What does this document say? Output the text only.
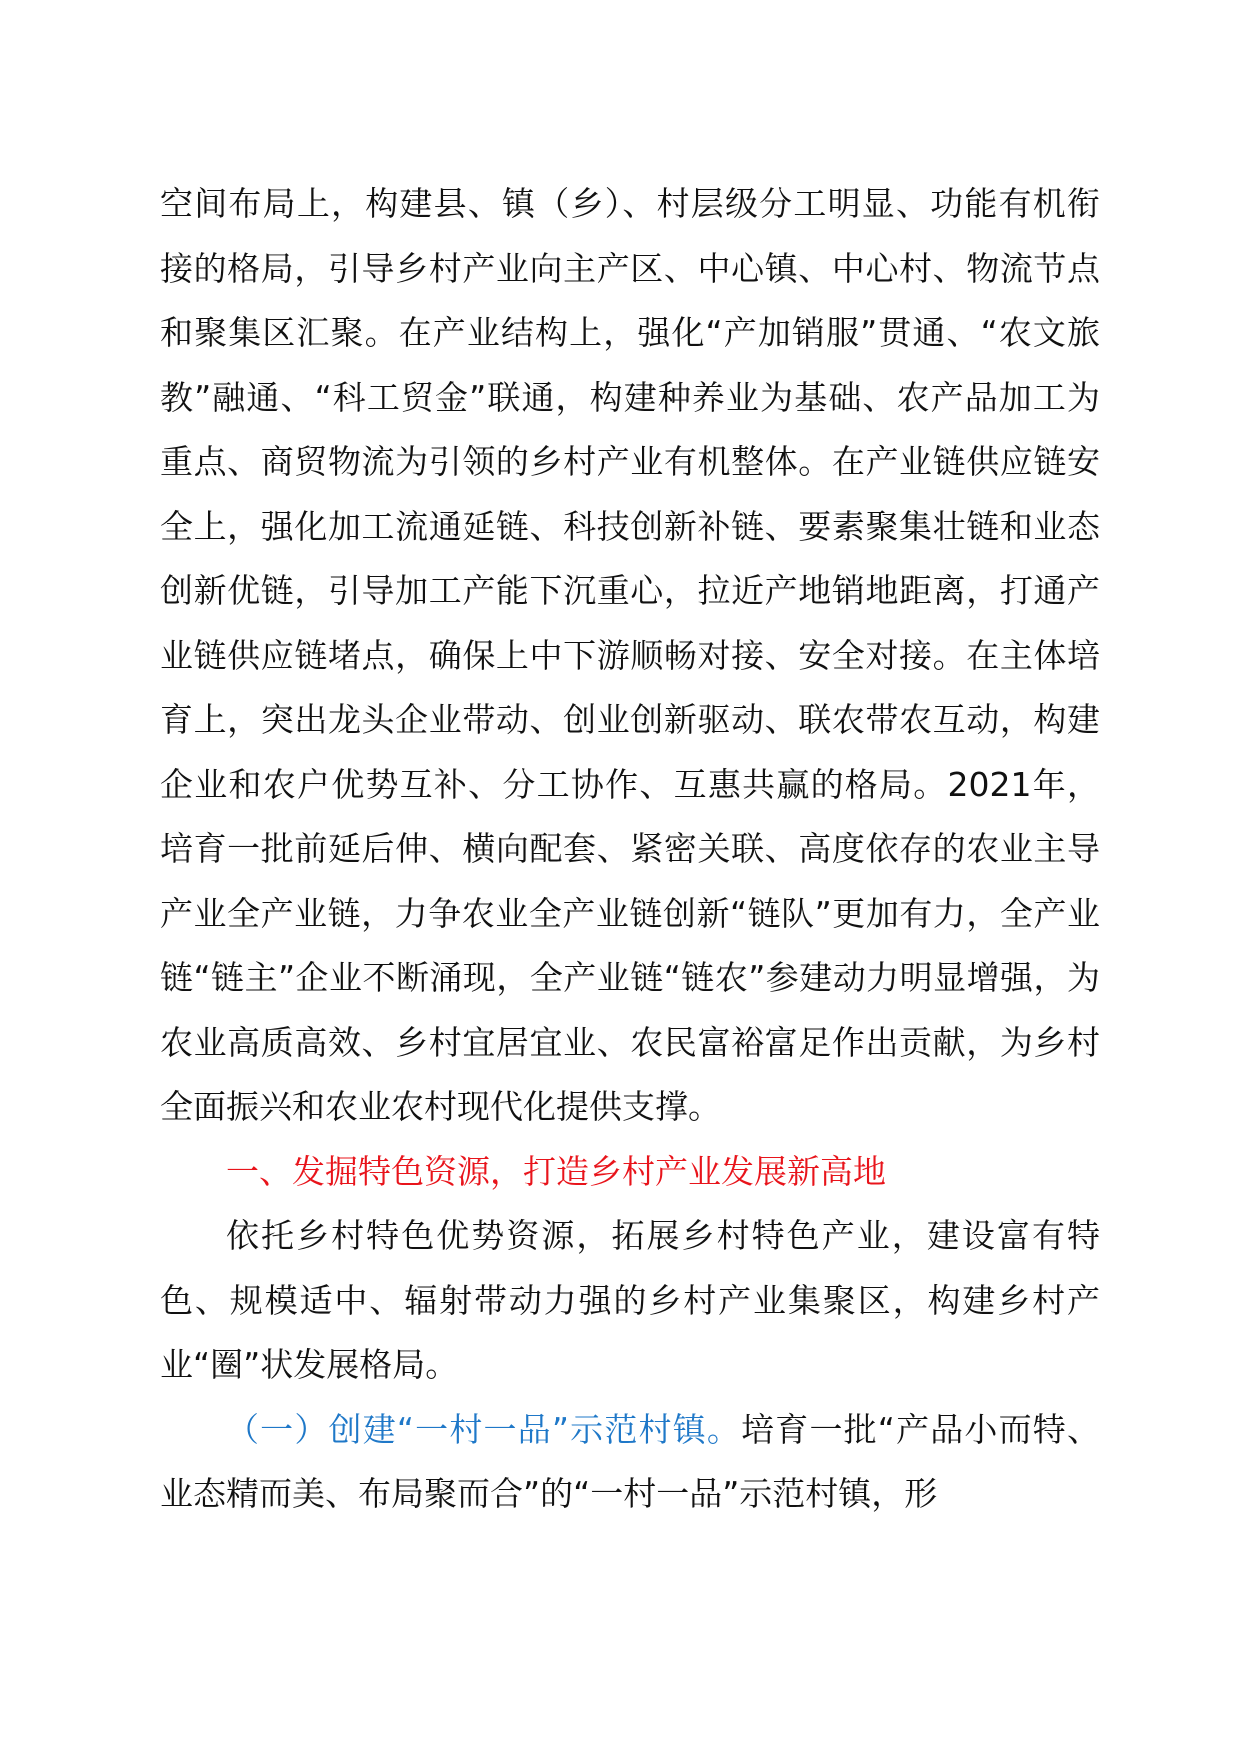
空间布局上，构建县、镇（乡）、村层级分工明显、功能有机衔接的格局，引导乡村产业向主产区、中心镇、中心村、物流节点和聚集区汇聚。在产业结构上，强化“产加销服”贯通、“农文旅教”融通、“科工贸金”联通，构建种养业为基础、农产品加工为重点、商贸物流为引领的乡村产业有机整体。在产业链供应链安全上，强化加工流通延链、科技创新补链、要素聚集壮链和业态创新优链，引导加工产能下沉重心，拉近产地销地距离，打通产业链供应链堵点，确保上中下游顺畅对接、安全对接。在主体培育上，突出龙头企业带动、创业创新驱动、联农带农互动，构建企业和农户优势互补、分工协作、互惠共赢的格局。2021年，培育一批前延后伸、横向配套、紧密关联、高度依存的农业主导产业全产业链，力争农业全产业链创新“链队”更加有力，全产业链“链主”企业不断涌现，全产业链“链农”参建动力明显增强，为农业高质高效、乡村宜居宜业、农民富裕富足作出贡献，为乡村全面振兴和农业农村现代化提供支撑。

一、发掘特色资源，打造乡村产业发展新高地

依托乡村特色优势资源，拓展乡村特色产业，建设富有特色、规模适中、辐射带动力强的乡村产业集聚区，构建乡村产业“圈”状发展格局。

（一）创建“一村一品”示范村镇。培育一批“产品小而特、业态精而美、布局聚而合”的“一村一品”示范村镇，形
